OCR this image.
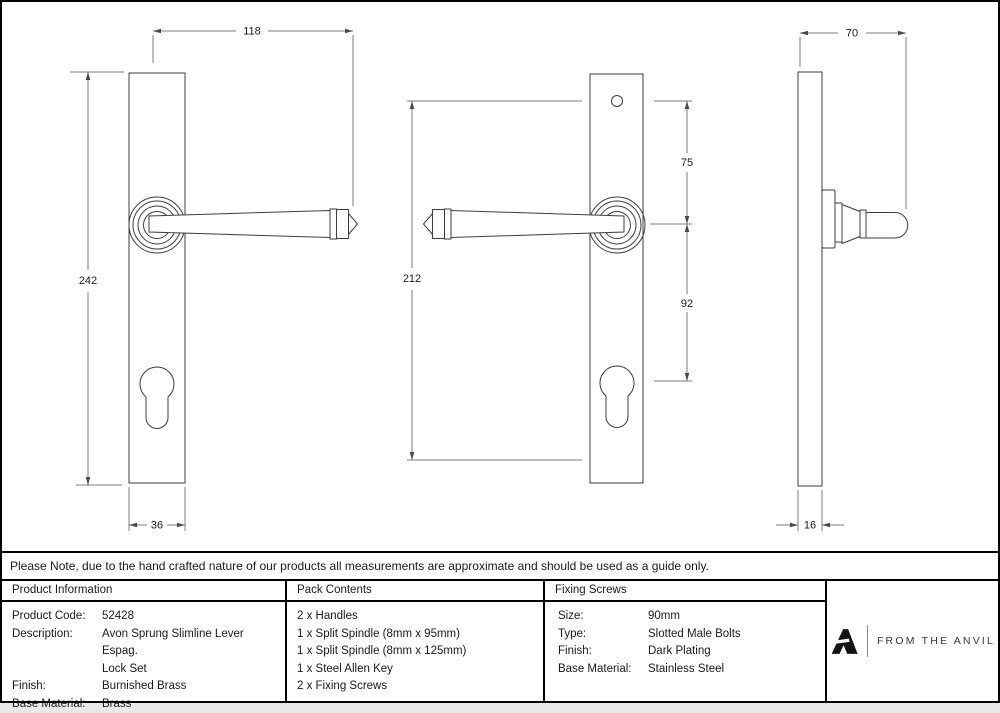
118
242
36
212
75
92
70
16
Please Note, due to the hand crafted nature of our products all measurements are approximate and should be used as a guide only.
Product Information
Product Code:	52428
Description:	Avon Sprung Slimline Lever Espag.
Lock Set
Finish:	Burnished Brass
Base Material:	Brass
Pack Contents
2 x Handles
1 x Split Spindle (8mm x 95mm)
1 x Split Spindle (8mm x 125mm)
1 x Steel Allen Key
2 x Fixing Screws
Fixing Screws
Size:	90mm
Type:	Slotted Male Bolts
Finish:	Dark Plating
Base Material:	Stainless Steel
FROM THE ANVIL
